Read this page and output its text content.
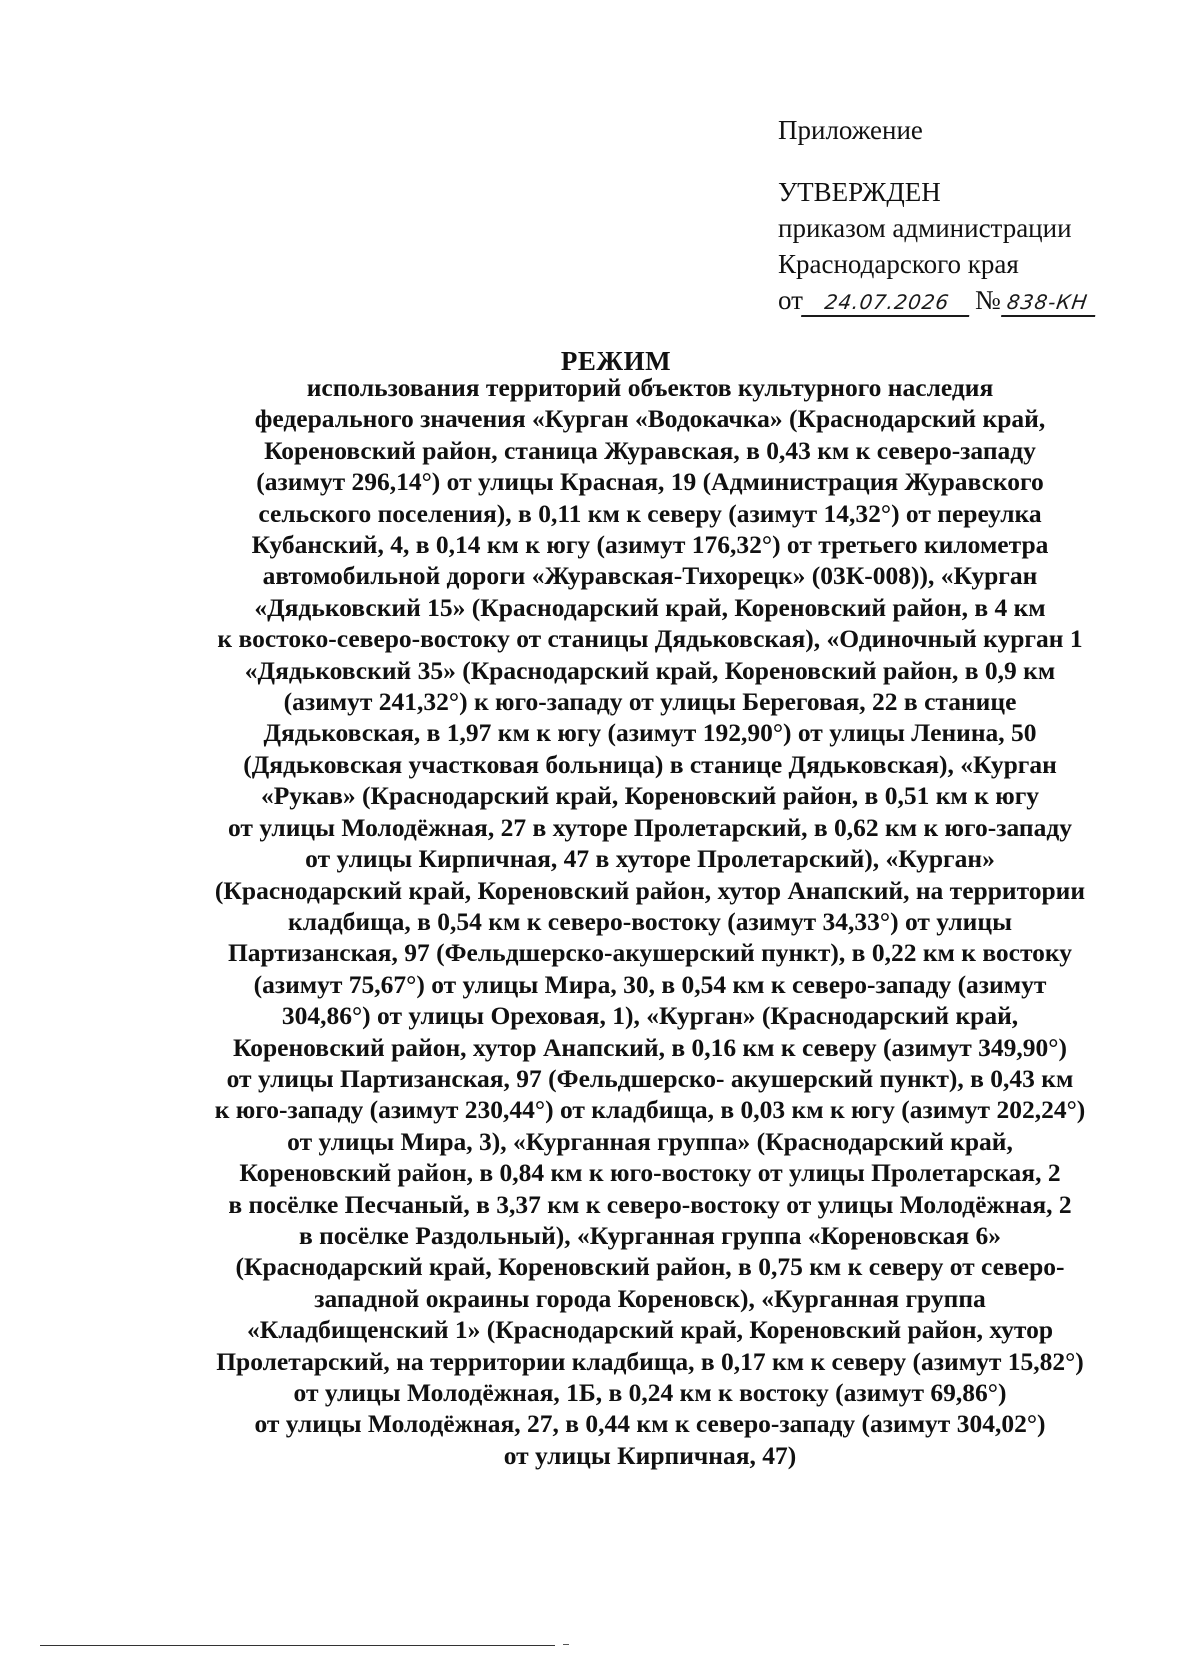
Приложение
УТВЕРЖДЕН
приказом администрации
Краснодарского края
от 24.07.2026 № 838-КН
РЕЖИМ
использования территорий объектов культурного наследия
федерального значения «Курган «Водокачка» (Краснодарский край,
Кореновский район, станица Журавская, в 0,43 км к северо-западу
(азимут 296,14°) от улицы Красная, 19 (Администрация Журавского
сельского поселения), в 0,11 км к северу (азимут 14,32°) от переулка
Кубанский, 4, в 0,14 км к югу (азимут 176,32°) от третьего километра
автомобильной дороги «Журавская-Тихорецк» (03К-008)), «Курган
«Дядьковский 15» (Краснодарский край, Кореновский район, в 4 км
к востоко-северо-востоку от станицы Дядьковская), «Одиночный курган 1
«Дядьковский 35» (Краснодарский край, Кореновский район, в 0,9 км
(азимут 241,32°) к юго-западу от улицы Береговая, 22 в станице
Дядьковская, в 1,97 км к югу (азимут 192,90°) от улицы Ленина, 50
(Дядьковская участковая больница) в станице Дядьковская), «Курган
«Рукав» (Краснодарский край, Кореновский район, в 0,51 км к югу
от улицы Молодёжная, 27 в хуторе Пролетарский, в 0,62 км к юго-западу
от улицы Кирпичная, 47 в хуторе Пролетарский), «Курган»
(Краснодарский край, Кореновский район, хутор Анапский, на территории
кладбища, в 0,54 км к северо-востоку (азимут 34,33°) от улицы
Партизанская, 97 (Фельдшерско-акушерский пункт), в 0,22 км к востоку
(азимут 75,67°) от улицы Мира, 30, в 0,54 км к северо-западу (азимут
304,86°) от улицы Ореховая, 1), «Курган» (Краснодарский край,
Кореновский район, хутор Анапский, в 0,16 км к северу (азимут 349,90°)
от улицы Партизанская, 97 (Фельдшерско- акушерский пункт), в 0,43 км
к юго-западу (азимут 230,44°) от кладбища, в 0,03 км к югу (азимут 202,24°)
от улицы Мира, 3), «Курганная группа» (Краснодарский край,
Кореновский район, в 0,84 км к юго-востоку от улицы Пролетарская, 2
в посёлке Песчаный, в 3,37 км к северо-востоку от улицы Молодёжная, 2
в посёлке Раздольный), «Курганная группа «Кореновская 6»
(Краснодарский край, Кореновский район, в 0,75 км к северу от северо-
западной окраины города Кореновск), «Курганная группа
«Кладбищенский 1» (Краснодарский край, Кореновский район, хутор
Пролетарский, на территории кладбища, в 0,17 км к северу (азимут 15,82°)
от улицы Молодёжная, 1Б, в 0,24 км к востоку (азимут 69,86°)
от улицы Молодёжная, 27, в 0,44 км к северо-западу (азимут 304,02°)
от улицы Кирпичная, 47)
